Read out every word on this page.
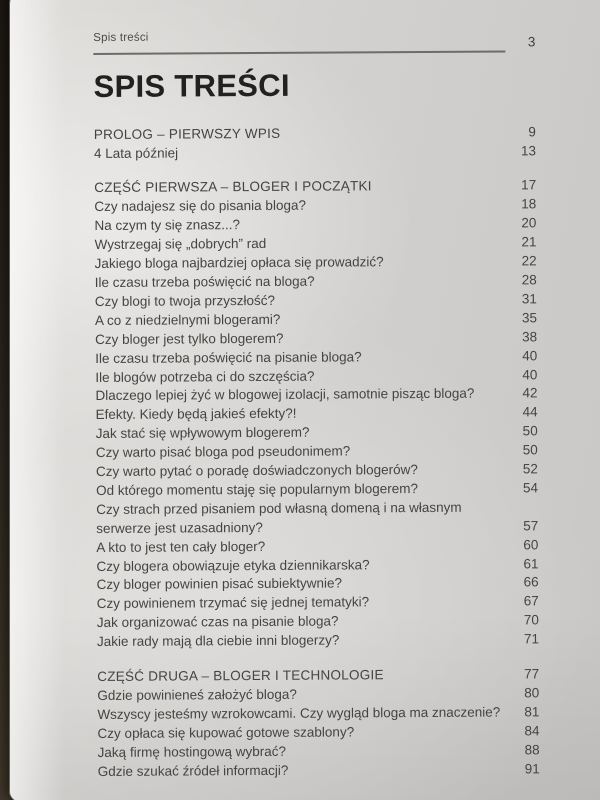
Spis treści	3
SPIS TREŚCI
PROLOG – PIERWSZY WPIS	9
4 Lata później	13
CZĘŚĆ PIERWSZA – BLOGER I POCZĄTKI	17
Czy nadajesz się do pisania bloga?	18
Na czym ty się znasz...?	20
Wystrzegaj się „dobrych” rad	21
Jakiego bloga najbardziej opłaca się prowadzić?	22
Ile czasu trzeba poświęcić na bloga?	28
Czy blogi to twoja przyszłość?	31
A co z niedzielnymi blogerami?	35
Czy bloger jest tylko blogerem?	38
Ile czasu trzeba poświęcić na pisanie bloga?	40
Ile blogów potrzeba ci do szczęścia?	40
Dlaczego lepiej żyć w blogowej izolacji, samotnie pisząc bloga?	42
Efekty. Kiedy będą jakieś efekty?!	44
Jak stać się wpływowym blogerem?	50
Czy warto pisać bloga pod pseudonimem?	50
Czy warto pytać o poradę doświadczonych blogerów?	52
Od którego momentu staję się popularnym blogerem?	54
Czy strach przed pisaniem pod własną domeną i na własnym serwerze jest uzasadniony?	57
A kto to jest ten cały bloger?	60
Czy blogera obowiązuje etyka dziennikarska?	61
Czy bloger powinien pisać subiektywnie?	66
Czy powinienem trzymać się jednej tematyki?	67
Jak organizować czas na pisanie bloga?	70
Jakie rady mają dla ciebie inni blogerzy?	71
CZĘŚĆ DRUGA – BLOGER I TECHNOLOGIE	77
Gdzie powinieneś założyć bloga?	80
Wszyscy jesteśmy wzrokowcami. Czy wygląd bloga ma znaczenie?	81
Czy opłaca się kupować gotowe szablony?	84
Jaką firmę hostingową wybrać?	88
Gdzie szukać źródeł informacji?	91
